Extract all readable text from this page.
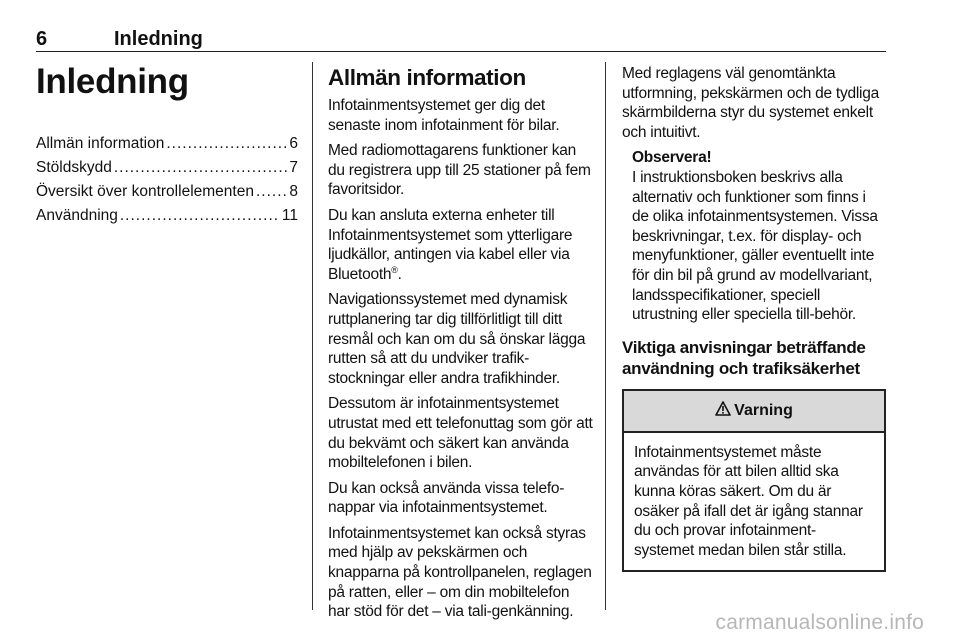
6	Inledning
Inledning
Allmän information .....	6
Stöldskydd .....	7
Översikt över kontrollelementen ..... 8
Användning .....	11
Allmän information

Infotainmentsystemet ger dig det senaste inom infotainment för bilar.

Med radiomottagarens funktioner kan du registrera upp till 25 stationer på fem favoritsidor.

Du kan ansluta externa enheter till Infotainmentsystemet som ytterligare ljudkällor, antingen via kabel eller via Bluetooth®.

Navigationssystemet med dynamisk ruttplanering tar dig tillförlitligt till ditt resmål och kan om du så önskar lägga rutten så att du undviker trafik-stockningar eller andra trafikhinder.

Dessutom är infotainmentsystemet utrustat med ett telefonuttag som gör att du bekvämt och säkert kan använda mobiltelefonen i bilen.

Du kan också använda vissa telefo-nappar via infotainmentsystemet.

Infotainmentsystemet kan också styras med hjälp av pekskärmen och knapparna på kontrollpanelen, reglagen på ratten, eller – om din mobiltelefon har stöd för det – via tali-genkänning.

Med reglagens väl genomtänkta utformning, pekskärmen och de tydliga skärmbilderna styr du systemet enkelt och intuitivt.

Observera!
I instruktionsboken beskrivs alla alternativ och funktioner som finns i de olika infotainmentsystemen. Vissa beskrivningar, t.ex. för display- och menyfunktioner, gäller eventuellt inte för din bil på grund av modellvariant, landsspecifikationer, speciell utrustning eller speciella till-behör.
Viktiga anvisningar beträffande användning och trafiksäkerhet
Varning
Infotainmentsystemet måste användas för att bilen alltid ska kunna köras säkert. Om du är osäker på ifall det är igång stannar du och provar infotainment-systemet medan bilen står stilla.
carmanualsonline.info
